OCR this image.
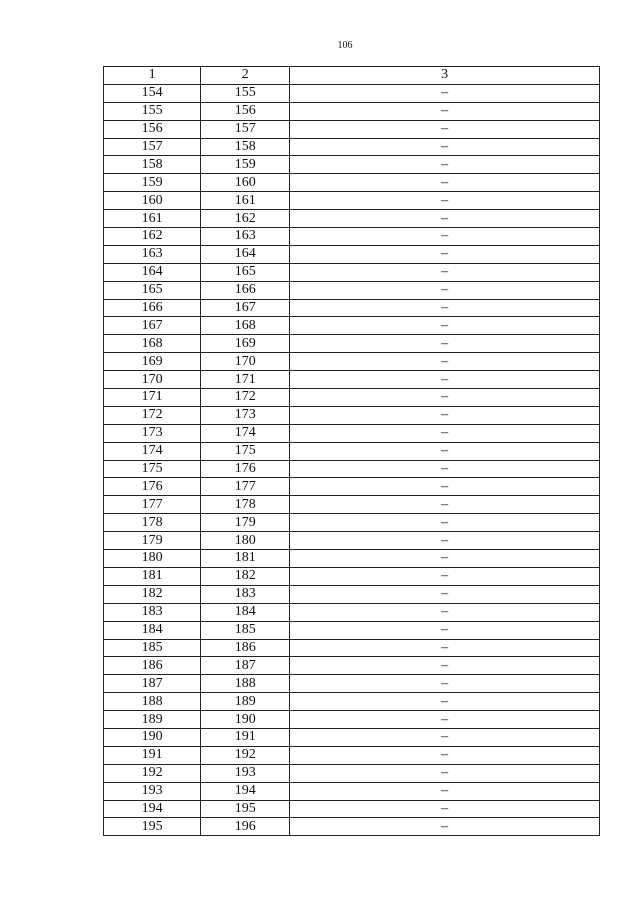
106
1	2	3
154	155	–
155	156	–
156	157	–
157	158	–
158	159	–
159	160	–
160	161	–
161	162	–
162	163	–
163	164	–
164	165	–
165	166	–
166	167	–
167	168	–
168	169	–
169	170	–
170	171	–
171	172	–
172	173	–
173	174	–
174	175	–
175	176	–
176	177	–
177	178	–
178	179	–
179	180	–
180	181	–
181	182	–
182	183	–
183	184	–
184	185	–
185	186	–
186	187	–
187	188	–
188	189	–
189	190	–
190	191	–
191	192	–
192	193	–
193	194	–
194	195	–
195	196	–
